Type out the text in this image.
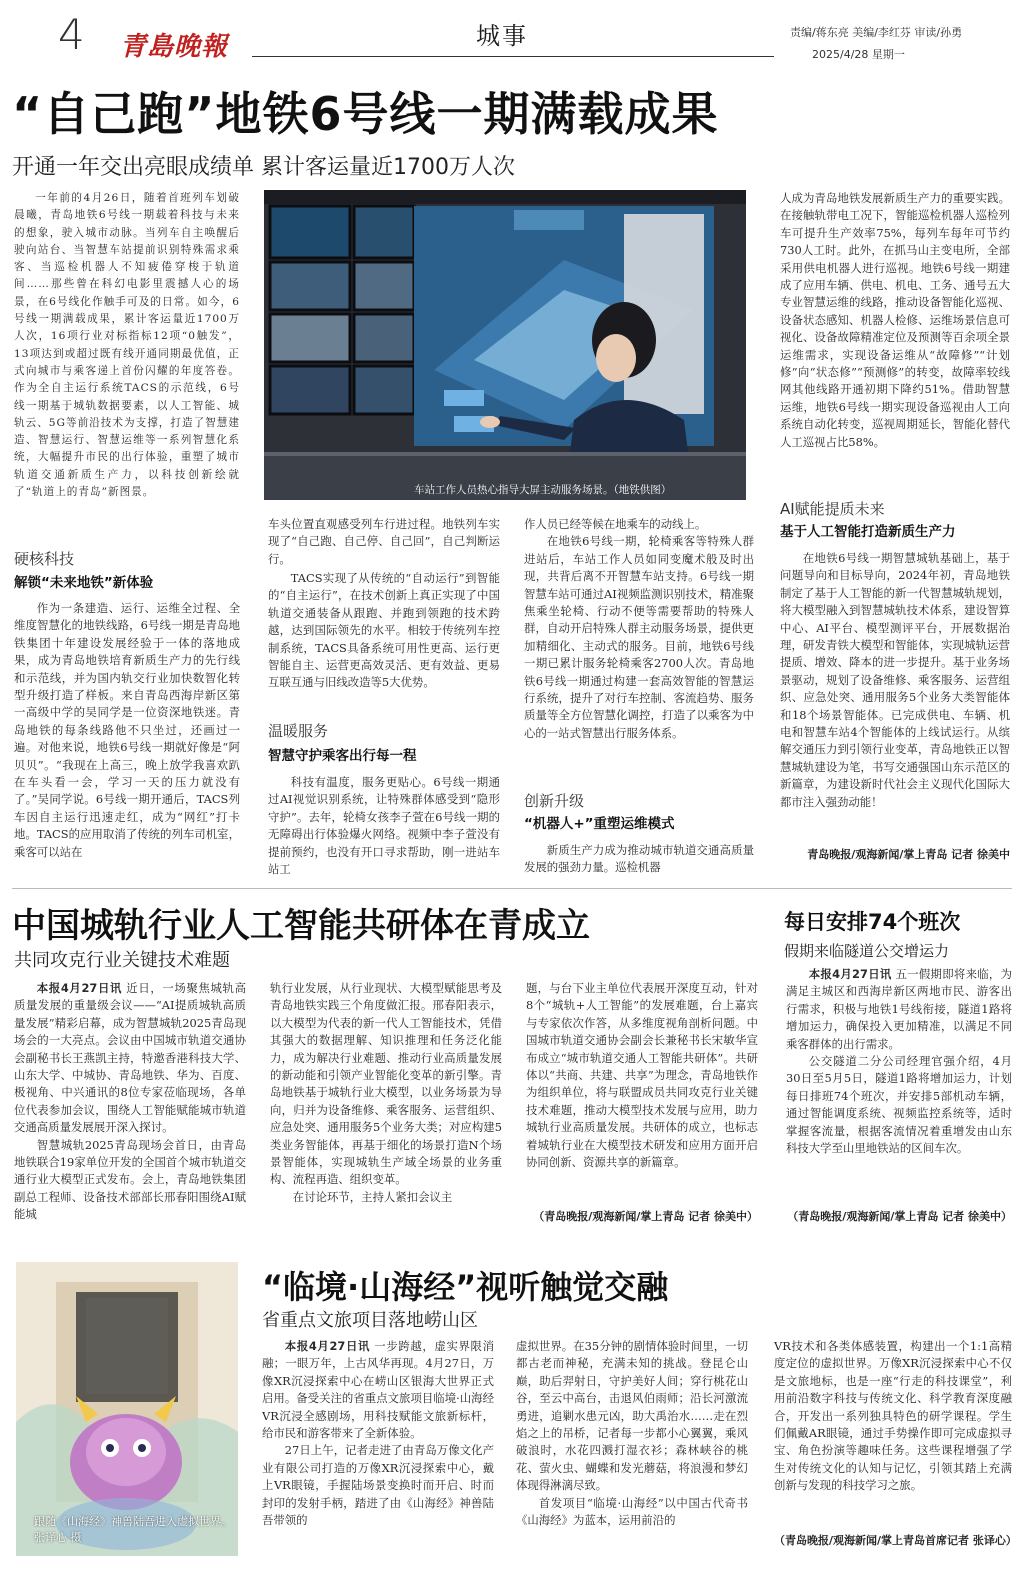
4 青島晚報	城事	责编/蒋东亮 美编/李红芬 审读/孙勇
2025/4/28 星期一
“自己跑”地铁6号线一期满载成果
开通一年交出亮眼成绩单 累计客运量近1700万人次

一年前的4月26日，随着首班列车划破晨曦，青岛地铁6号线一期载着科技与未来的想象，驶入城市动脉。当列车自主唤醒后驶向站台、当智慧车站提前识别特殊需求乘客、当巡检机器人不知疲倦穿梭于轨道间……那些曾在科幻电影里震撼人心的场景，在6号线化作触手可及的日常。如今，6号线一期满载成果，累计客运量近1700万人次，16项行业对标指标12项“0触发”，13项达到或超过既有线开通同期最优值，正式向城市与乘客递上首份闪耀的年度答卷。作为全自主运行系统TACS的示范线，6号线一期基于城轨数据要素，以人工智能、城轨云、5G等前沿技术为支撑，打造了智慧建造、智慧运行、智慧运维等一系列智慧化系统，大幅提升市民的出行体验，重塑了城市轨道交通新质生产力，以科技创新绘就了“轨道上的青岛”新图景。

硬核科技
解锁“未来地铁”新体验

作为一条建造、运行、运维全过程、全维度智慧化的地铁线路，6号线一期是青岛地铁集团十年建设发展经验于一体的落地成果，成为青岛地铁培育新质生产力的先行线和示范线，并为国内轨交行业加快数智化转型升级打造了样板。来自青岛西海岸新区第一高级中学的吴同学是一位资深地铁迷。青岛地铁的每条线路他不只坐过，还画过一遍。对他来说，地铁6号线一期就好像是“阿贝贝”。“我现在上高三，晚上放学我喜欢趴在车头看一会，学习一天的压力就没有了。”吴同学说。6号线一期开通后，TACS列车因自主运行迅速走红，成为“网红”打卡地。TACS的应用取消了传统的列车司机室，乘客可以站在

车站工作人员热心指导大屏主动服务场景。（地铁供图）

车头位置直观感受列车行进过程。地铁列车实现了“自己跑、自己停、自己回”，自己判断运行。

TACS实现了从传统的“自动运行”到智能的“自主运行”，在技术创新上真正实现了中国轨道交通装备从跟跑、并跑到领跑的技术跨越，达到国际领先的水平。相较于传统列车控制系统，TACS具备系统可用性更高、运行更智能自主、运营更高效灵活、更有效益、更易互联互通与旧线改造等5大优势。

温暖服务
智慧守护乘客出行每一程

科技有温度，服务更贴心。6号线一期通过AI视觉识别系统，让特殊群体感受到“隐形守护”。去年，轮椅女孩李子萱在6号线一期的无障碍出行体验爆火网络。视频中李子萱没有提前预约，也没有开口寻求帮助，刚一进站车站工

作人员已经等候在地乘车的动线上。

在地铁6号线一期，轮椅乘客等特殊人群进站后，车站工作人员如同变魔术般及时出现，共背后离不开智慧车站支持。6号线一期智慧车站可通过AI视频监测识别技术，精准聚焦乘坐轮椅、行动不便等需要帮助的特殊人群，自动开启特殊人群主动服务场景，提供更加精细化、主动式的服务。目前，地铁6号线一期已累计服务轮椅乘客2700人次。青岛地铁6号线一期通过构建一套高效智能的智慧运行系统，提升了对行车控制、客流趋势、服务质量等全方位智慧化调控，打造了以乘客为中心的一站式智慧出行服务体系。

创新升级
“机器人+”重塑运维模式

新质生产力成为推动城市轨道交通高质量发展的强劲力量。巡检机器

人成为青岛地铁发展新质生产力的重要实践。在接触轨带电工况下，智能巡检机器人巡检列车可提升生产效率75%，每列车每年可节约730人工时。此外，在抓马山主变电所，全部采用供电机器人进行巡视。地铁6号线一期建成了应用车辆、供电、机电、工务、通号五大专业智慧运维的线路，推动设备智能化巡视、设备状态感知、机器人检修、运维场景信息可视化、设备故障精准定位及预测等百余项全景运维需求，实现设备运维从“故障修”“计划修”向“状态修”“预测修”的转变，故障率较线网其他线路开通初期下降约51%。借助智慧运维，地铁6号线一期实现设备巡视由人工向系统自动化转变，巡视周期延长，智能化替代人工巡视占比58%。

AI赋能提质未来
基于人工智能打造新质生产力

在地铁6号线一期智慧城轨基础上，基于问题导向和目标导向，2024年初，青岛地铁制定了基于人工智能的新一代智慧城轨规划，将大模型融入到智慧城轨技术体系，建设智算中心、AI平台、模型测评平台，开展数据治理，研发青铁大模型和智能体，实现城轨运营提质、增效、降本的进一步提升。基于业务场景驱动，规划了设备维修、乘客服务、运营组织、应急处突、通用服务5个业务大类智能体和18个场景智能体。已完成供电、车辆、机电和智慧车站4个智能体的上线试运行。从缤解交通压力到引领行业变革，青岛地铁正以智慧城轨建设为笔，书写交通强国山东示范区的新篇章，为建设新时代社会主义现代化国际大都市注入强劲动能！

青岛晚报/观海新闻/掌上青岛 记者 徐美中
中国城轨行业人工智能共研体在青成立
共同攻克行业关键技术难题

本报4月27日讯 近日，一场聚焦城轨高质量发展的重量级会议——“AI提质城轨高质量发展”精彩启幕，成为智慧城轨2025青岛现场会的一大亮点。会议由中国城市轨道交通协会副秘书长王燕凯主持，特邀香港科技大学、山东大学、中城协、青岛地铁、华为、百度、极视角、中兴通讯的8位专家莅临现场，各单位代表参加会议，围绕人工智能赋能城市轨道交通高质量发展展开深入探讨。

智慧城轨2025青岛现场会首日，由青岛地铁联合19家单位开发的全国首个城市轨道交通行业大模型正式发布。会上，青岛地铁集团副总工程师、设备技术部部长邢春阳围绕AI赋能城

轨行业发展，从行业现状、大模型赋能思考及青岛地铁实践三个角度做汇报。邢春阳表示，以大模型为代表的新一代人工智能技术，凭借其强大的数据理解、知识推理和任务泛化能力，成为解决行业难题、推动行业高质量发展的新动能和引领产业智能化变革的新引擎。青岛地铁基于城轨行业大模型，以业务场景为导向，归并为设备维修、乘客服务、运营组织、应急处突、通用服务5个业务大类；对应构建5类业务智能体，再基于细化的场景打造N个场景智能体，实现城轨生产域全场景的业务重构、流程再造、组织变革。

在讨论环节，主持人紧扣会议主

题，与台下业主单位代表展开深度互动，针对8个“城轨+人工智能”的发展难题，台上嘉宾与专家依次作答，从多维度视角剖析问题。中国城市轨道交通协会副会长兼秘书长宋敏华宣布成立“城市轨道交通人工智能共研体”。共研体以“共商、共建、共享”为理念，青岛地铁作为组织单位，将与联盟成员共同攻克行业关键技术难题，推动大模型技术发展与应用，助力城轨行业高质量发展。共研体的成立，也标志着城轨行业在大模型技术研发和应用方面开启协同创新、资源共享的新篇章。

（青岛晚报/观海新闻/掌上青岛 记者 徐美中）
每日安排74个班次
假期来临隧道公交增运力

本报4月27日讯 五一假期即将来临，为满足主城区和西海岸新区两地市民、游客出行需求，积极与地铁1号线衔接，隧道1路将增加运力，确保投入更加精准，以满足不同乘客群体的出行需求。

公交隧道二分公司经理官强介绍，4月30日至5月5日，隧道1路将增加运力，计划每日排班74个班次，并安排5部机动车辆，通过智能调度系统、视频监控系统等，适时掌握客流量，根据客流情况着重增发由山东科技大学至山里地铁站的区间车次。

（青岛晚报/观海新闻/掌上青岛 记者 徐美中）
跟随《山海经》神兽陆吾进入虚拟世界。张译心 摄
“临境·山海经”视听触觉交融
省重点文旅项目落地崂山区

本报4月27日讯 一步跨越，虚实界限消融；一眼万年，上古风华再现。4月27日，万像XR沉浸探索中心在崂山区银海大世界正式启用。备受关注的省重点文旅项目临境·山海经VR沉浸全感剧场，用科技赋能文旅新标杆，给市民和游客带来了全新体验。

27日上午，记者走进了由青岛万像文化产业有限公司打造的万像XR沉浸探索中心，戴上VR眼镜，手握陆场景变换时而开启、时而封印的发射手柄，踏进了由《山海经》神兽陆吾带领的

虚拟世界。在35分钟的剧情体验时间里，一切都古老而神秘，充满未知的挑战。登昆仑山巅，助后羿射日，守护美好人间；穿行桃花山谷，至云中高台，击退风伯雨师；沿长河激流勇进，追剿水患元凶，助大禹治水……走在烈焰之上的吊桥，记者每一步都小心翼翼，乘风破浪时，水花四溅打湿衣衫；森林峡谷的桃花、萤火虫、蝴蝶和发光蘑菇，将浪漫和梦幻体现得淋漓尽致。

首发项目“临境·山海经”以中国古代奇书《山海经》为蓝本，运用前沿的

VR技术和各类体感装置，构建出一个1:1高精度定位的虚拟世界。万像XR沉浸探索中心不仅是文旅地标，也是一座“行走的科技课堂”，利用前沿数字科技与传统文化、科学教育深度融合，开发出一系列独具特色的研学课程。学生们佩戴AR眼镜，通过手势操作即可完成虚拟寻宝、角色扮演等趣味任务。这些课程增强了学生对传统文化的认知与记忆，引领其踏上充满创新与发现的科技学习之旅。

（青岛晚报/观海新闻/掌上青岛首席记者 张译心）
